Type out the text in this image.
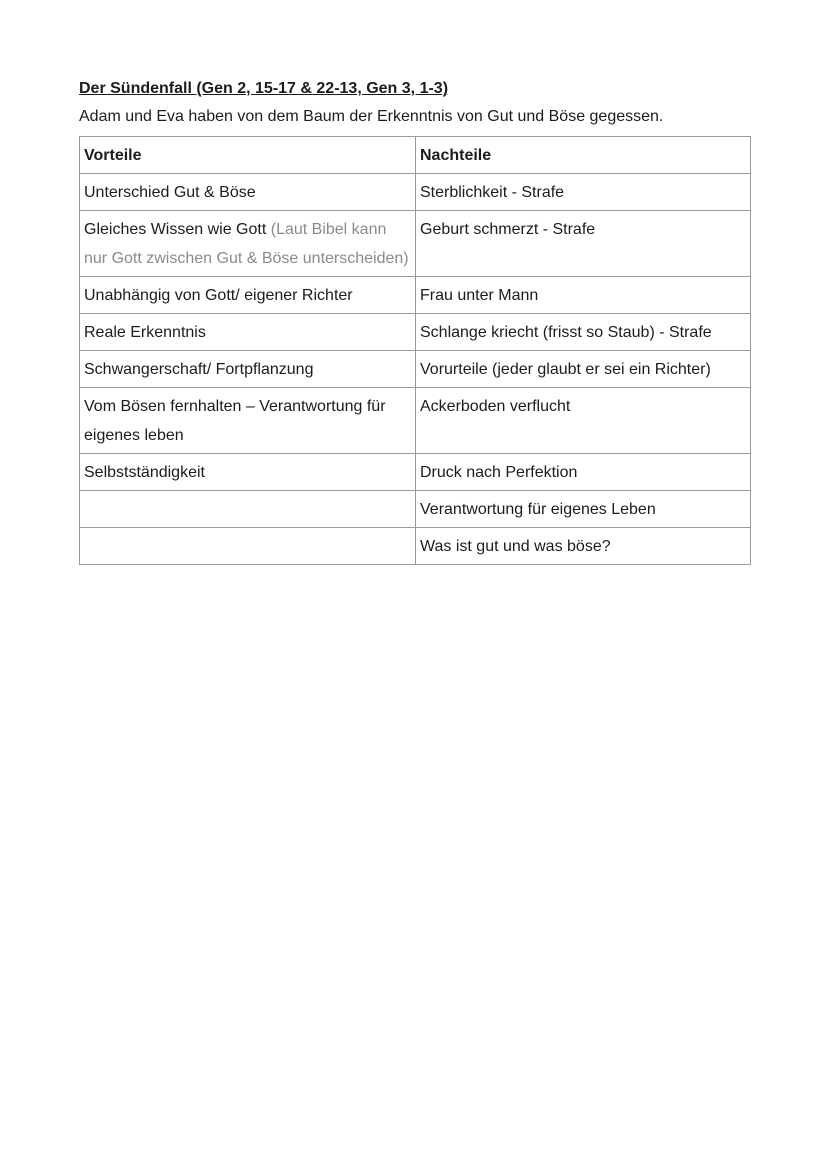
Der Sündenfall (Gen 2, 15-17 & 22-13, Gen 3, 1-3)

Adam und Eva haben von dem Baum der Erkenntnis von Gut und Böse gegessen.

Vorteile	Nachteile
Unterschied Gut & Böse	Sterblichkeit - Strafe
Gleiches Wissen wie Gott (Laut Bibel kann nur Gott zwischen Gut & Böse unterscheiden)	Geburt schmerzt - Strafe
Unabhängig von Gott/ eigener Richter	Frau unter Mann
Reale Erkenntnis	Schlange kriecht (frisst so Staub) - Strafe
Schwangerschaft/ Fortpflanzung	Vorurteile (jeder glaubt er sei ein Richter)
Vom Bösen fernhalten – Verantwortung für eigenes leben	Ackerboden verflucht
Selbstständigkeit	Druck nach Perfektion
	Verantwortung für eigenes Leben
	Was ist gut und was böse?
